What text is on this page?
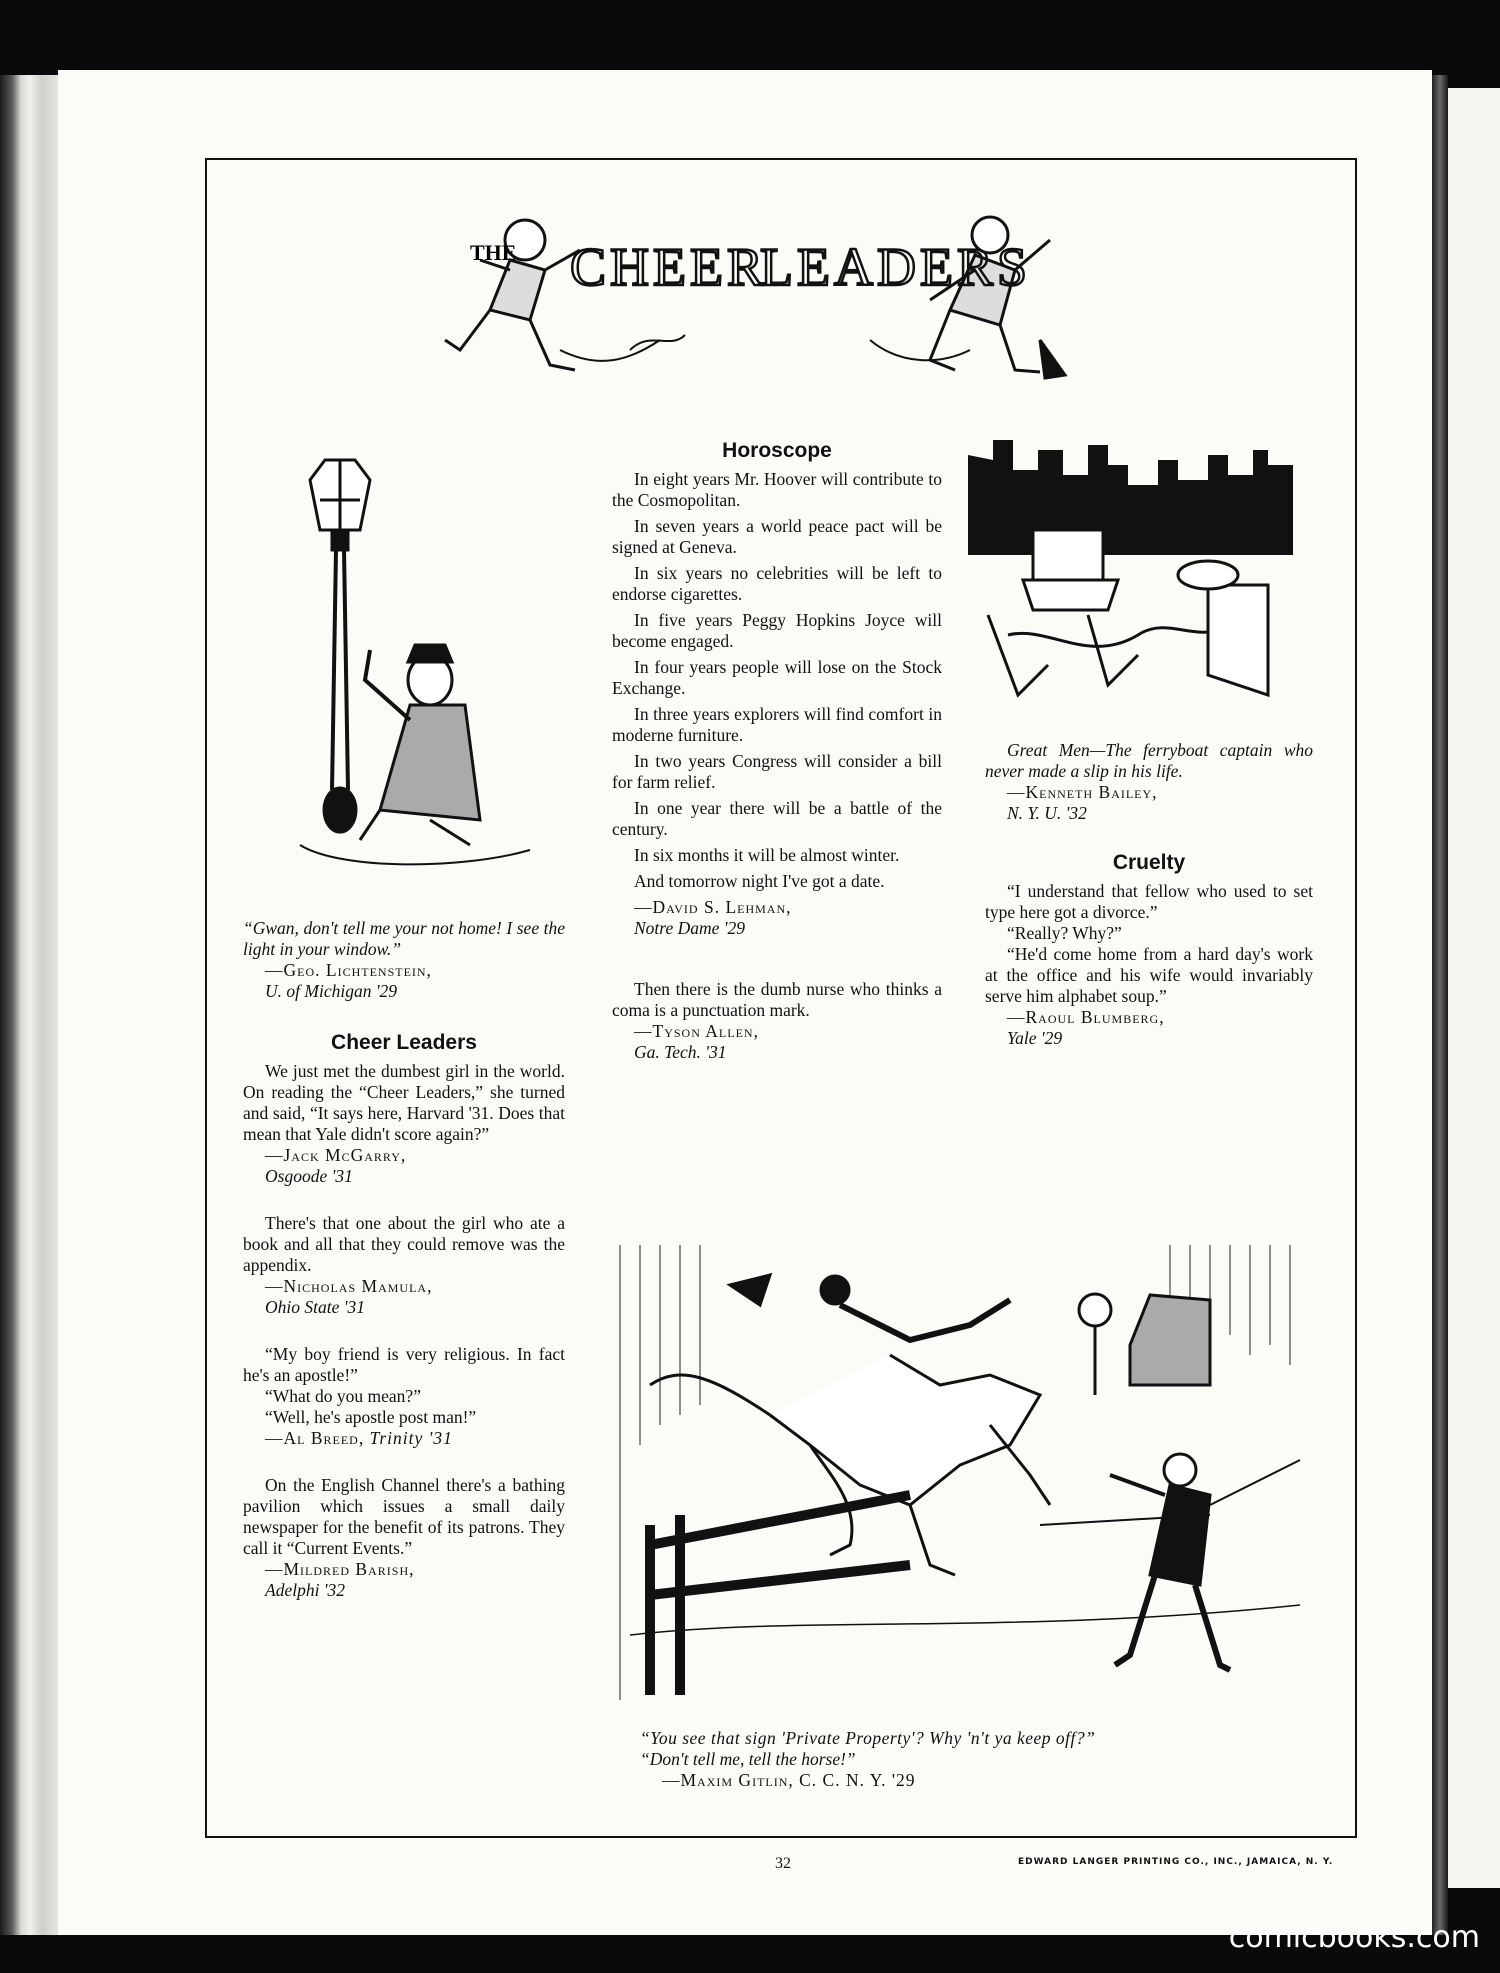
THE CHEER
LEADERS

“Gwan, don't tell me your not home! I see the light in your window.”

—Geo. Lichtenstein,

U. of Michigan '29

Cheer Leaders

We just met the dumbest girl in the world. On reading the “Cheer Leaders,” she turned and said, “It says here, Harvard '31. Does that mean that Yale didn't score again?”

—Jack McGarry,

Osgoode '31

There's that one about the girl who ate a book and all that they could remove was the appendix.

—Nicholas Mamula,

Ohio State '31

“My boy friend is very religious. In fact he's an apostle!”

“What do you mean?”

“Well, he's apostle post man!”

—Al Breed, Trinity '31

On the English Channel there's a bathing pavilion which issues a small daily newspaper for the benefit of its patrons. They call it “Current Events.”

—Mildred Barish,

Adelphi '32

Horoscope

In eight years Mr. Hoover will contribute to the Cosmopolitan.

In seven years a world peace pact will be signed at Geneva.

In six years no celebrities will be left to endorse cigarettes.

In five years Peggy Hopkins Joyce will become engaged.

In four years people will lose on the Stock Exchange.

In three years explorers will find comfort in moderne furniture.

In two years Congress will consider a bill for farm relief.

In one year there will be a battle of the century.

In six months it will be almost winter.

And tomorrow night I've got a date.

—David S. Lehman,

Notre Dame '29

Then there is the dumb nurse who thinks a coma is a punctuation mark.

—Tyson Allen,

Ga. Tech. '31

Great Men—The ferryboat captain who never made a slip in his life.

—Kenneth Bailey,

N. Y. U. '32

Cruelty

“I understand that fellow who used to set type here got a divorce.”

“Really? Why?”

“He'd come home from a hard day's work at the office and his wife would invariably serve him alphabet soup.”

—Raoul Blumberg,

Yale '29

“You see that sign 'Private Property'? Why 'n't ya keep off?”

“Don't tell me, tell the horse!”

—Maxim Gitlin, C. C. N. Y. '29

32	EDWARD LANGER PRINTING CO., INC., JAMAICA, N. Y.
comicbooks.com
